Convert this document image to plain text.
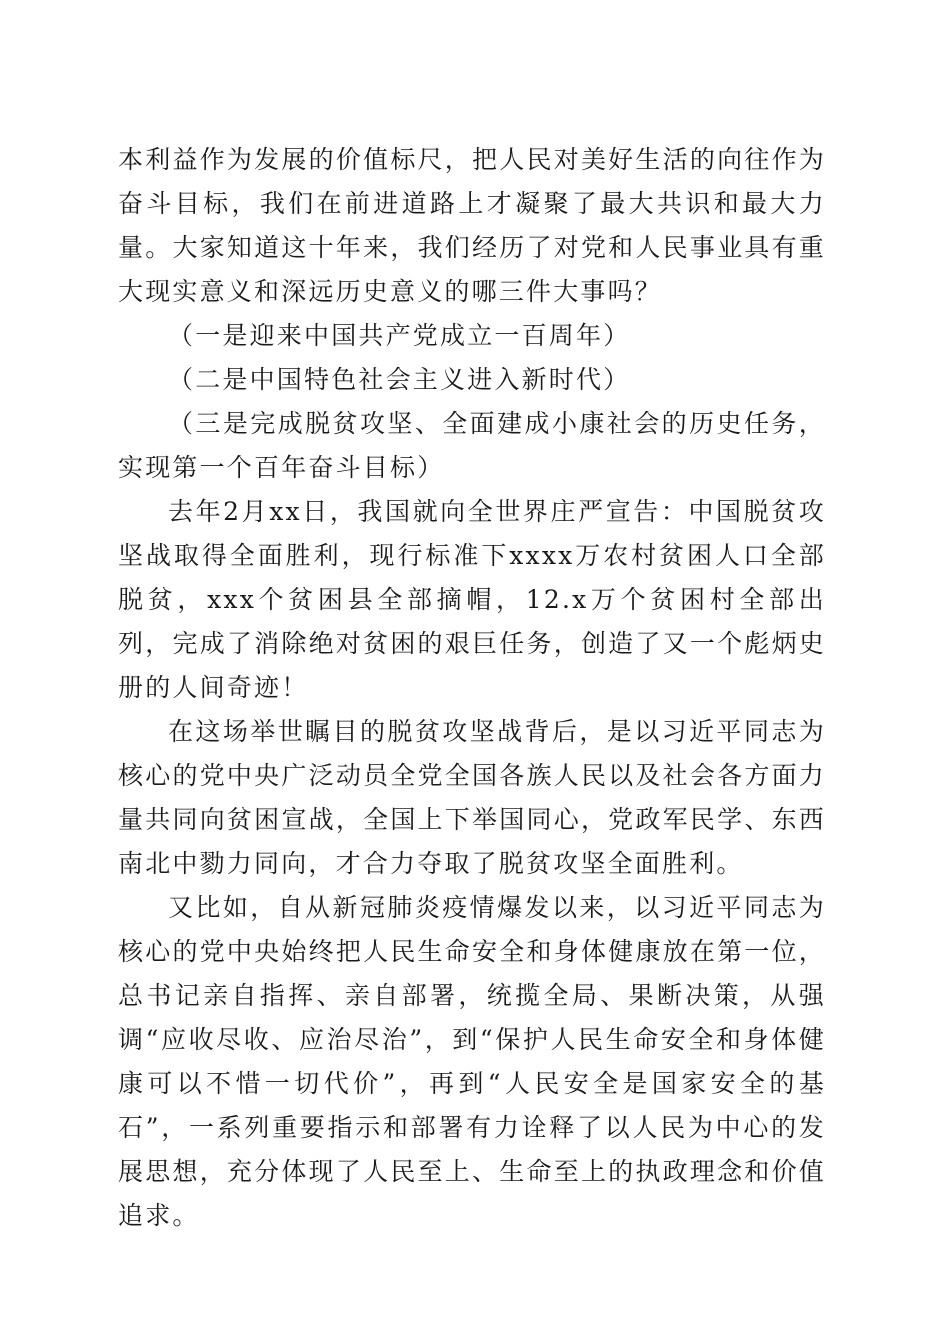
本利益作为发展的价值标尺，把人民对美好生活的向往作为奋斗目标，我们在前进道路上才凝聚了最大共识和最大力量。大家知道这十年来，我们经历了对党和人民事业具有重大现实意义和深远历史意义的哪三件大事吗？

（一是迎来中国共产党成立一百周年）

（二是中国特色社会主义进入新时代）

（三是完成脱贫攻坚、全面建成小康社会的历史任务，实现第一个百年奋斗目标）

去年2月xx日，我国就向全世界庄严宣告：中国脱贫攻坚战取得全面胜利，现行标准下xxxx万农村贫困人口全部脱贫，xxx个贫困县全部摘帽，12.x万个贫困村全部出列，完成了消除绝对贫困的艰巨任务，创造了又一个彪炳史册的人间奇迹！

在这场举世瞩目的脱贫攻坚战背后，是以习近平同志为核心的党中央广泛动员全党全国各族人民以及社会各方面力量共同向贫困宣战，全国上下举国同心，党政军民学、东西南北中勠力同向，才合力夺取了脱贫攻坚全面胜利。

又比如，自从新冠肺炎疫情爆发以来，以习近平同志为核心的党中央始终把人民生命安全和身体健康放在第一位，总书记亲自指挥、亲自部署，统揽全局、果断决策，从强调“应收尽收、应治尽治”，到“保护人民生命安全和身体健康可以不惜一切代价”，再到“人民安全是国家安全的基石”，一系列重要指示和部署有力诠释了以人民为中心的发展思想，充分体现了人民至上、生命至上的执政理念和价值追求。
